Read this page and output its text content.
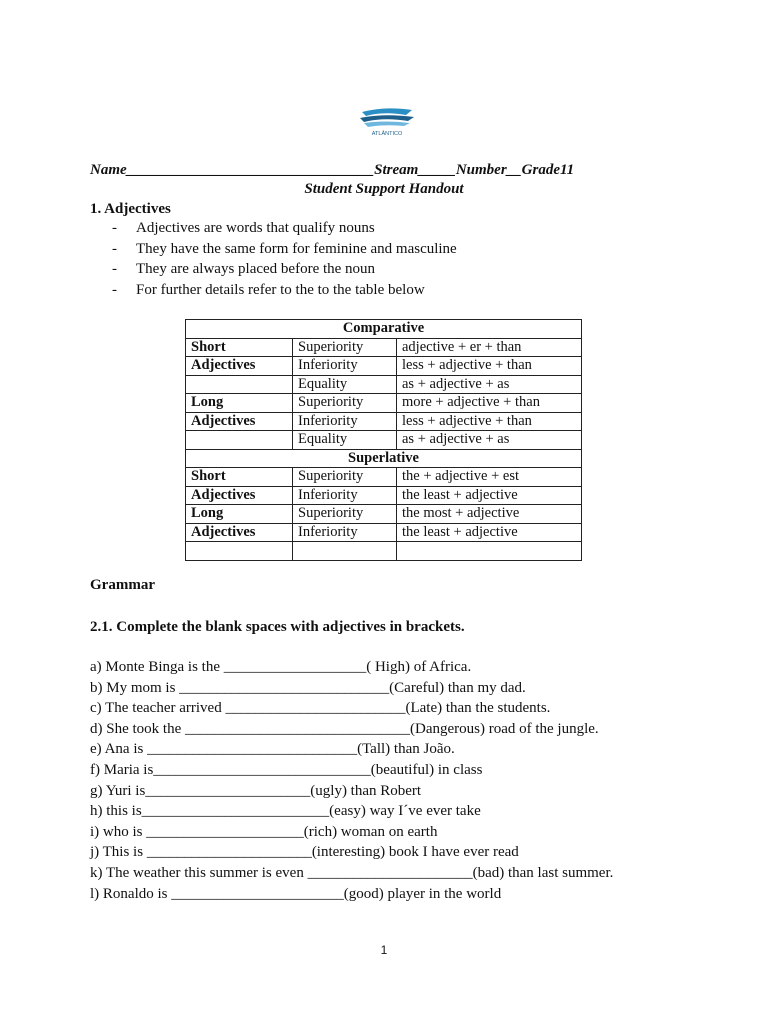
ATLÂNTICO
Name_________________________________Stream_____Number__Grade11
Student Support Handout
1. Adjectives
- Adjectives are words that qualify nouns
- They have the same form for feminine and masculine
- They are always placed before the noun
- For further details refer to the to the table below
Comparative		
Short	Superiority	adjective + er + than
Adjectives	Inferiority	less + adjective + than
	Equality	as + adjective + as
Long	Superiority	more + adjective + than
Adjectives	Inferiority	less + adjective + than
	Equality	as + adjective + as
Superlative		
Short	Superiority	the + adjective + est
Adjectives	Inferiority	the least + adjective
Long	Superiority	the most + adjective
Adjectives	Inferiority	the least + adjective

Grammar
2.1. Complete the blank spaces with adjectives in brackets.
a) Monte Binga is the ___________________( High) of Africa.
b) My mom is ____________________________(Careful) than my dad.
c) The teacher arrived ________________________(Late) than the students.
d) She took the ______________________________(Dangerous) road of the jungle.
e) Ana is ____________________________(Tall) than João.
f) Maria is_____________________________(beautiful) in class
g) Yuri is______________________(ugly) than Robert
h) this is_________________________(easy) way I´ve ever take
i) who is _____________________(rich) woman on earth
j) This is ______________________(interesting) book I have ever read
k) The weather this summer is even ______________________(bad) than last summer.
l) Ronaldo is _______________________(good) player in the world
1
